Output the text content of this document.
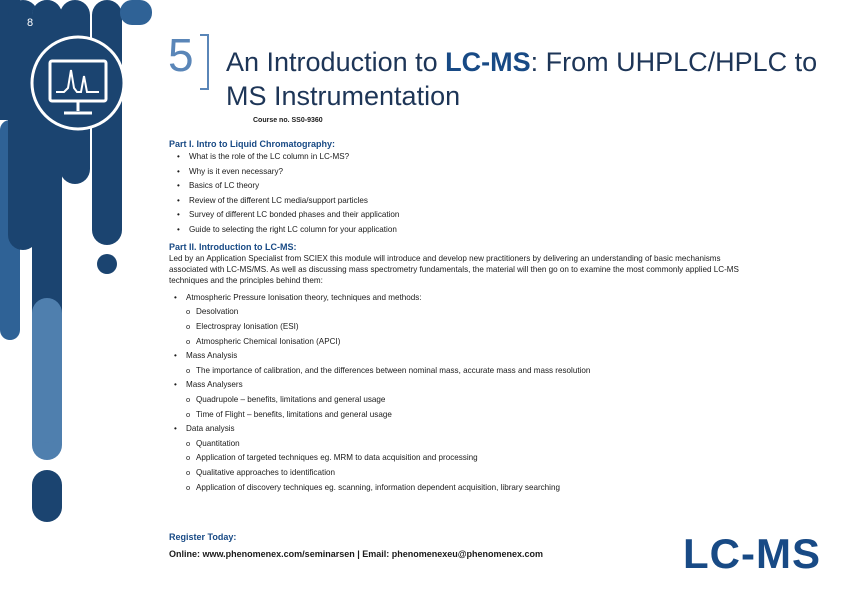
8
5 An Introduction to LC-MS: From UHPLC/HPLC to MS Instrumentation
Course no. SS0-9360
Part I. Intro to Liquid Chromatography:
• What is the role of the LC column in LC-MS?
• Why is it even necessary?
• Basics of LC theory
• Review of the different LC media/support particles
• Survey of different LC bonded phases and their application
• Guide to selecting the right LC column for your application
Part II. Introduction to LC-MS:

Led by an Application Specialist from SCIEX this module will introduce and develop new practitioners by delivering an understanding of basic mechanisms associated with LC-MS/MS. As well as discussing mass spectrometry fundamentals, the material will then go on to examine the most commonly applied LC-MS techniques and the principles behind them:

• Atmospheric Pressure Ionisation theory, techniques and methods:
o Desolvation
o Electrospray Ionisation (ESI)
o Atmospheric Chemical Ionisation (APCI)
• Mass Analysis
o The importance of calibration, and the differences between nominal mass, accurate mass and mass resolution
• Mass Analysers
o Quadrupole – benefits, limitations and general usage
o Time of Flight – benefits, limitations and general usage
• Data analysis
o Quantitation
o Application of targeted techniques eg. MRM to data acquisition and processing
o Qualitative approaches to identification
o Application of discovery techniques eg. scanning, information dependent acquisition, library searching
Register Today:
Online: www.phenomenex.com/seminarsen | Email: phenomenexeu@phenomenex.com	LC-MS
